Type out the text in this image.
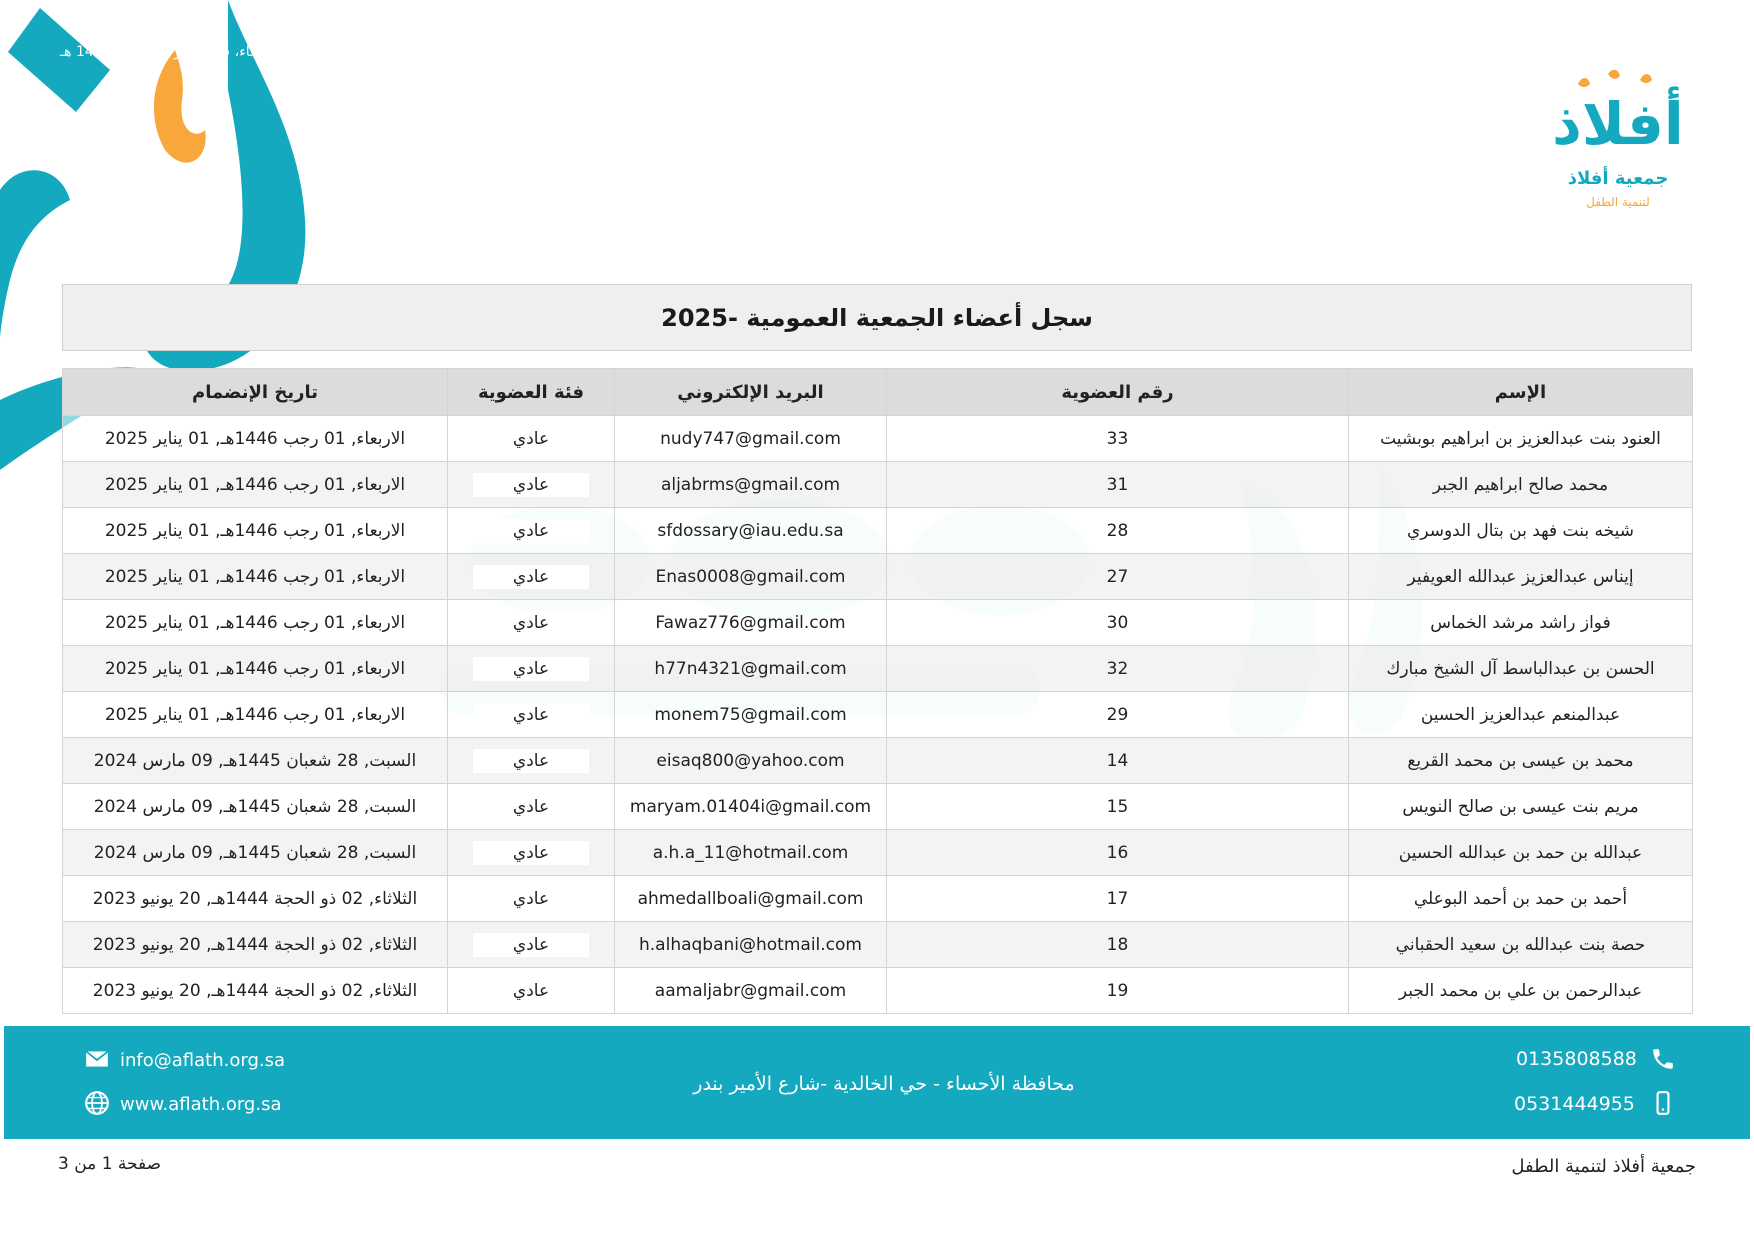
الأربعاء، 15 أكتوبر 2025م - 1447 هـ
أفلاذ
جمعية أفلاذ
لتنمية الطفل
سجل أعضاء الجمعية العمومية -2025
الإسم	رقم العضوية	البريد الإلكتروني	فئة العضوية	تاريخ الإنضمام
العنود بنت عبدالعزيز بن ابراهيم بوبشيت	33	nudy747@gmail.com	عادي	الاربعاء, 01 رجب 1446هـ, 01 يناير 2025
محمد صالح ابراهيم الجبر	31	aljabrms@gmail.com	عادي	الاربعاء, 01 رجب 1446هـ, 01 يناير 2025
شيخه بنت فهد بن بتال الدوسري	28	sfdossary@iau.edu.sa	عادي	الاربعاء, 01 رجب 1446هـ, 01 يناير 2025
إيناس عبدالعزيز عبدالله العويفير	27	Enas0008@gmail.com	عادي	الاربعاء, 01 رجب 1446هـ, 01 يناير 2025
فواز راشد مرشد الخماس	30	Fawaz776@gmail.com	عادي	الاربعاء, 01 رجب 1446هـ, 01 يناير 2025
الحسن بن عبدالباسط آل الشيخ مبارك	32	h77n4321@gmail.com	عادي	الاربعاء, 01 رجب 1446هـ, 01 يناير 2025
عبدالمنعم عبدالعزيز الحسين	29	monem75@gmail.com	عادي	الاربعاء, 01 رجب 1446هـ, 01 يناير 2025
محمد بن عيسى بن محمد القريع	14	eisaq800@yahoo.com	عادي	السبت, 28 شعبان 1445هـ, 09 مارس 2024
مريم بنت عيسى بن صالح النويس	15	maryam.01404i@gmail.com	عادي	السبت, 28 شعبان 1445هـ, 09 مارس 2024
عبدالله بن حمد بن عبدالله الحسين	16	a.h.a_11@hotmail.com	عادي	السبت, 28 شعبان 1445هـ, 09 مارس 2024
أحمد بن حمد بن أحمد البوعلي	17	ahmedallboali@gmail.com	عادي	الثلاثاء, 02 ذو الحجة 1444هـ, 20 يونيو 2023
حصة بنت عبدالله بن سعيد الحقباني	18	h.alhaqbani@hotmail.com	عادي	الثلاثاء, 02 ذو الحجة 1444هـ, 20 يونيو 2023
عبدالرحمن بن علي بن محمد الجبر	19	aamaljabr@gmail.com	عادي	الثلاثاء, 02 ذو الحجة 1444هـ, 20 يونيو 2023
0135808588
0531444955
محافظة الأحساء - حي الخالدية -شارع الأمير بندر
info@aflath.org.sa
www.aflath.org.sa
صفحة 1 من 3	جمعية أفلاذ لتنمية الطفل
